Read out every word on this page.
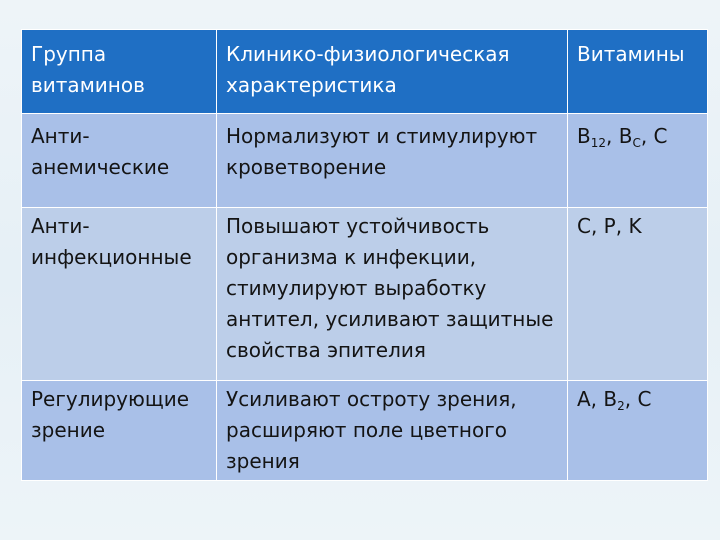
Группа витаминов	Клинико-физиологическая характеристика	Витамины

Анти-анемические	Нормализуют и стимулируют кроветворение	$B_{12}$, $B_C$, C

Анти-инфекционные	Повышают устойчивость организма к инфекции, стимулируют выработку антител, усиливают защитные свойства эпителия	C, P, K

Регулирующие зрение	Усиливают остроту зрения, расширяют поле цветного зрения	A, $B_2$, C
